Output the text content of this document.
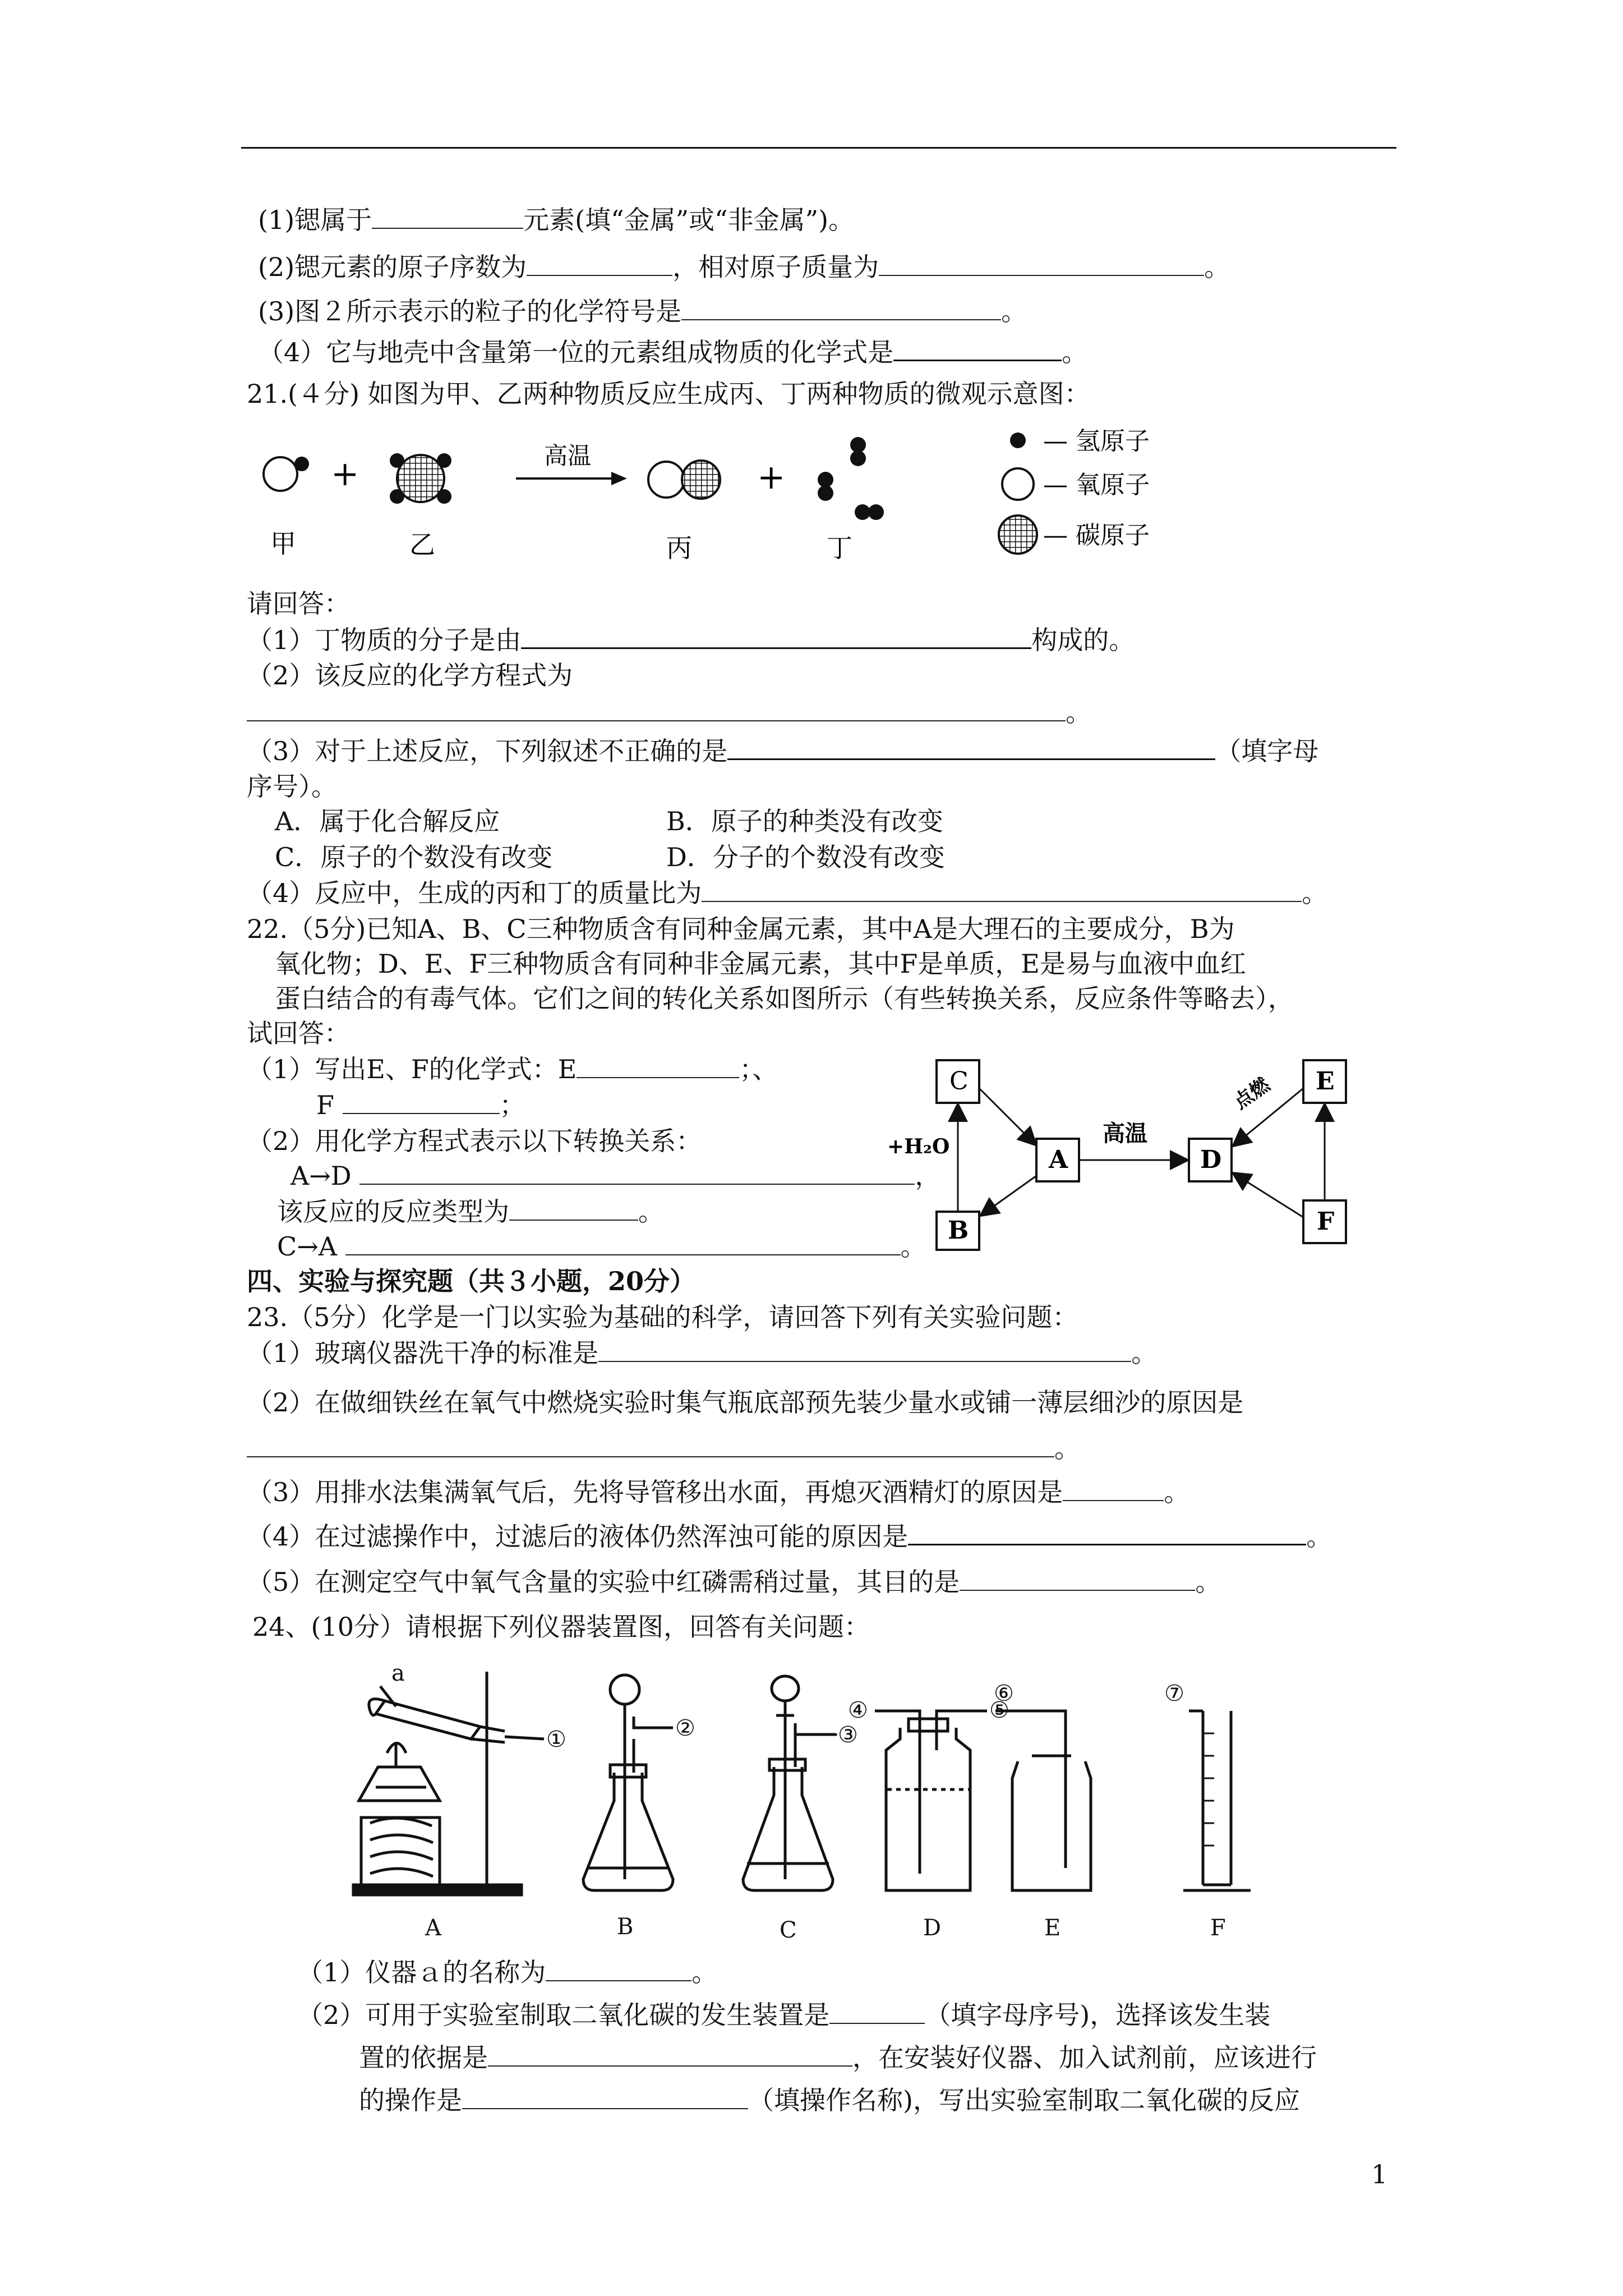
(1)锶属于	元素(填“金属”或“非金属”)。
(2)锶元素的原子序数为	，相对原子质量为	。
(3)图２所示表示的粒子的化学符号是	。
（4）它与地壳中含量第一位的元素组成物质的化学式是	。
21.(４分) 如图为甲、乙两种物质反应生成丙、丁两种物质的微观示意图：
+	高温
+
甲	乙	丙	丁
— 氢原子
— 氧原子
— 碳原子
请回答：
（1）丁物质的分子是由	构成的。
（2）该反应的化学方程式为
。
（3）对于上述反应，下列叙述不正确的是	（填字母
序号）。
A．属于化合解反应	B．原子的种类没有改变
C．原子的个数没有改变	D．分子的个数没有改变
（4）反应中，生成的丙和丁的质量比为	。
22.（5分)已知A、B、C三种物质含有同种金属元素，其中A是大理石的主要成分，B为
氧化物；D、E、F三种物质含有同种非金属元素，其中F是单质，E是易与血液中血红
蛋白结合的有毒气体。它们之间的转化关系如图所示（有些转换关系，反应条件等略去），
试回答：
（1）写出E、F的化学式：E	；、
F	；
（2）用化学方程式表示以下转换关系：
A→D	，
该反应的反应类型为	。
C→A	。
C
A
B
D
E
F
+H₂O	高温
点燃
四、实验与探究题（共３小题，20分）
23.（5分）化学是一门以实验为基础的科学，请回答下列有关实验问题：
（1）玻璃仪器洗干净的标准是	。
（2）在做细铁丝在氧气中燃烧实验时集气瓶底部预先装少量水或铺一薄层细沙的原因是
。
（3）用排水法集满氧气后，先将导管移出水面，再熄灭酒精灯的原因是	。
（4）在过滤操作中，过滤后的液体仍然浑浊可能的原因是	。
（5）在测定空气中氧气含量的实验中红磷需稍过量，其目的是	。
24、(10分）请根据下列仪器装置图，回答有关问题：
a
①	②	③
④	⑤
⑥	⑦
A	B	C	D	E	F
（1）仪器ａ的名称为	。
（2）可用于实验室制取二氧化碳的发生装置是	（填字母序号)，选择该发生装
置的依据是	，在安装好仪器、加入试剂前，应该进行
的操作是	（填操作名称)，写出实验室制取二氧化碳的反应
1
